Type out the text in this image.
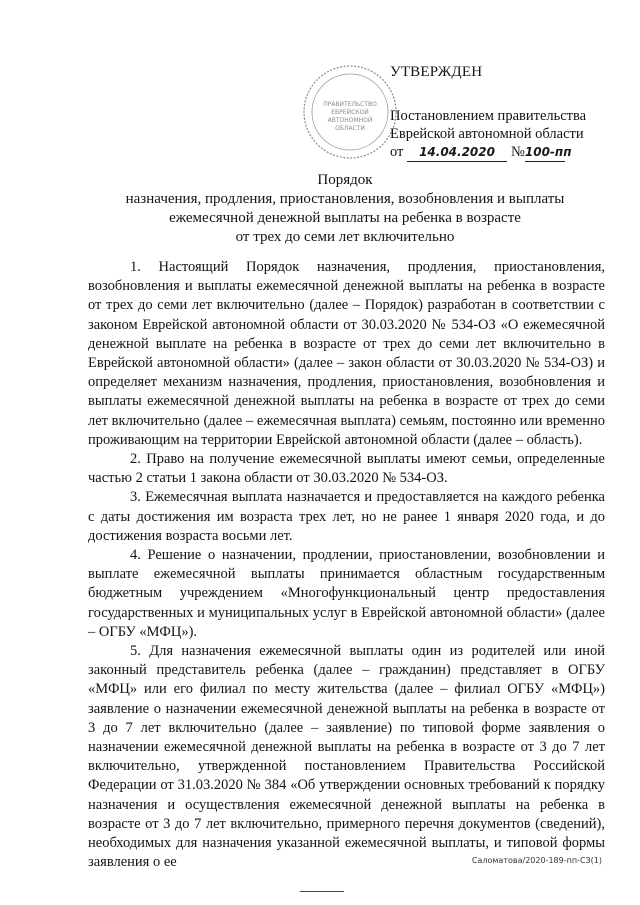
ПРАВИТЕЛЬСТВО
ЕВРЕЙСКОЙ
АВТОНОМНОЙ
ОБЛАСТИ
УТВЕРЖДЕН
Постановлением правительства
Еврейской автономной области
от 14.04.2020 №100-пп
Порядок
назначения, продления, приостановления, возобновления и выплаты
ежемесячной денежной выплаты на ребенка в возрасте
от трех до семи лет включительно

1. Настоящий Порядок назначения, продления, приостановления, возобновления и выплаты ежемесячной денежной выплаты на ребенка в возрасте от трех до семи лет включительно (далее – Порядок) разработан в соответствии с законом Еврейской автономной области от 30.03.2020 № 534-ОЗ «О ежемесячной денежной выплате на ребенка в возрасте от трех до семи лет включительно в Еврейской автономной области» (далее – закон области от 30.03.2020 № 534-ОЗ) и определяет механизм назначения, продления, приостановления, возобновления и выплаты ежемесячной денежной выплаты на ребенка в возрасте от трех до семи лет включительно (далее – ежемесячная выплата) семьям, постоянно или временно проживающим на территории Еврейской автономной области (далее – область).

2. Право на получение ежемесячной выплаты имеют семьи, определенные частью 2 статьи 1 закона области от 30.03.2020 № 534-ОЗ.

3. Ежемесячная выплата назначается и предоставляется на каждого ребенка с даты достижения им возраста трех лет, но не ранее 1 января 2020 года, и до достижения возраста восьми лет.

4. Решение о назначении, продлении, приостановлении, возобновлении и выплате ежемесячной выплаты принимается областным государственным бюджетным учреждением «Многофункциональный центр предоставления государственных и муниципальных услуг в Еврейской автономной области» (далее – ОГБУ «МФЦ»).

5. Для назначения ежемесячной выплаты один из родителей или иной законный представитель ребенка (далее – гражданин) представляет в ОГБУ «МФЦ» или его филиал по месту жительства (далее – филиал ОГБУ «МФЦ») заявление о назначении ежемесячной денежной выплаты на ребенка в возрасте от 3 до 7 лет включительно (далее – заявление) по типовой форме заявления о назначении ежемесячной денежной выплаты на ребенка в возрасте от 3 до 7 лет включительно, утвержденной постановлением Правительства Российской Федерации от 31.03.2020 № 384 «Об утверждении основных требований к порядку назначения и осуществления ежемесячной денежной выплаты на ребенка в возрасте от 3 до 7 лет включительно, примерного перечня документов (сведений), необходимых для назначения указанной ежемесячной выплаты, и типовой формы заявления о ее	Саломатова/2020-189-пп-СЗ(1)
